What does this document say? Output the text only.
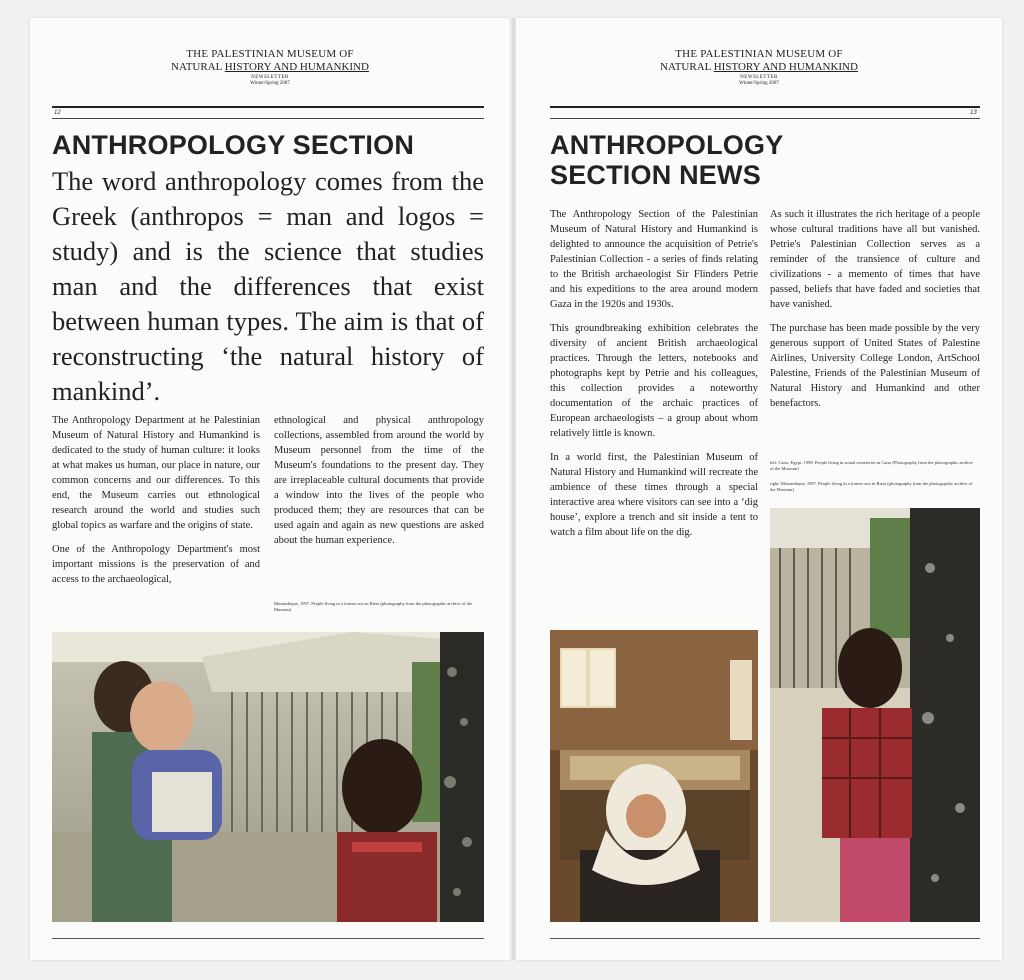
THE PALESTINIAN MUSEUM OF
NATURAL HISTORY AND HUMANKIND
NEWSLETTER
Winter/Spring 2007
12
ANTHROPOLOGY SECTION
The word anthropology comes from the Greek (anthropos = man and logos = study) and is the science that studies man and the differences that exist between human types. The aim is that of reconstructing ‘the natural history of mankind’.

The Anthropology Department at he Palestinian Museum of Natural History and Humankind is dedicated to the study of human culture: it looks at what makes us human, our place in nature, our common concerns and our differences. To this end, the Museum carries out ethnological research around the world and studies such global topics as warfare and the origins of state.

One of the Anthropology Department's most important missions is the preservation of and access to the archaeological,

ethnological and physical anthropology collections, assembled from around the world by Museum personnel from the time of the Museum's foundations to the present day. They are irreplaceable cultural documents that provide a window into the lives of the people who produced them; they are resources that can be used again and again as new questions are asked about the human experience.

Mozambique, 1997. People living in a former zoo in Biera (photography from the photographic archive of the Museum)
THE PALESTINIAN MUSEUM OF
NATURAL HISTORY AND HUMANKIND
NEWSLETTER
Winter/Spring 2007
13
ANTHROPOLOGY
SECTION NEWS

The Anthropology Section of the Palestinian Museum of Natural History and Humankind is delighted to announce the acquisition of Petrie's Palestinian Collection - a series of finds relating to the British archaeologist Sir Flinders Petrie and his expeditions to the area around modern Gaza in the 1920s and 1930s.

This groundbreaking exhibition celebrates the diversity of ancient British archaeological practices. Through the letters, notebooks and photographs kept by Petrie and his colleagues, this collection provides a noteworthy documentation of the archaic practices of European archaeologists – a group about whom relatively little is known.

In a world first, the Palestinian Museum of Natural History and Humankind will recreate the ambience of these times through a special interactive area where visitors can see into a ‘dig house’, explore a trench and sit inside a tent to watch a film about life on the dig.

As such it illustrates the rich heritage of a people whose cultural traditions have all but vanished. Petrie's Palestinian Collection serves as a reminder of the transience of culture and civilizations - a memento of times that have passed, beliefs that have faded and societies that have vanished.

The purchase has been made possible by the very generous support of United States of Palestine Airlines, University College London, ArtSchool Palestine, Friends of the Palestinian Museum of Natural History and Humankind and other benefactors.

left: Cairo, Egypt, 1998. People living in actual cemeteries in Cairo (Photography from the photographic archive of the Museum)
right: Mozambique, 1997. People living in a former zoo in Biera (photography from the photographic archive of the Museum)
